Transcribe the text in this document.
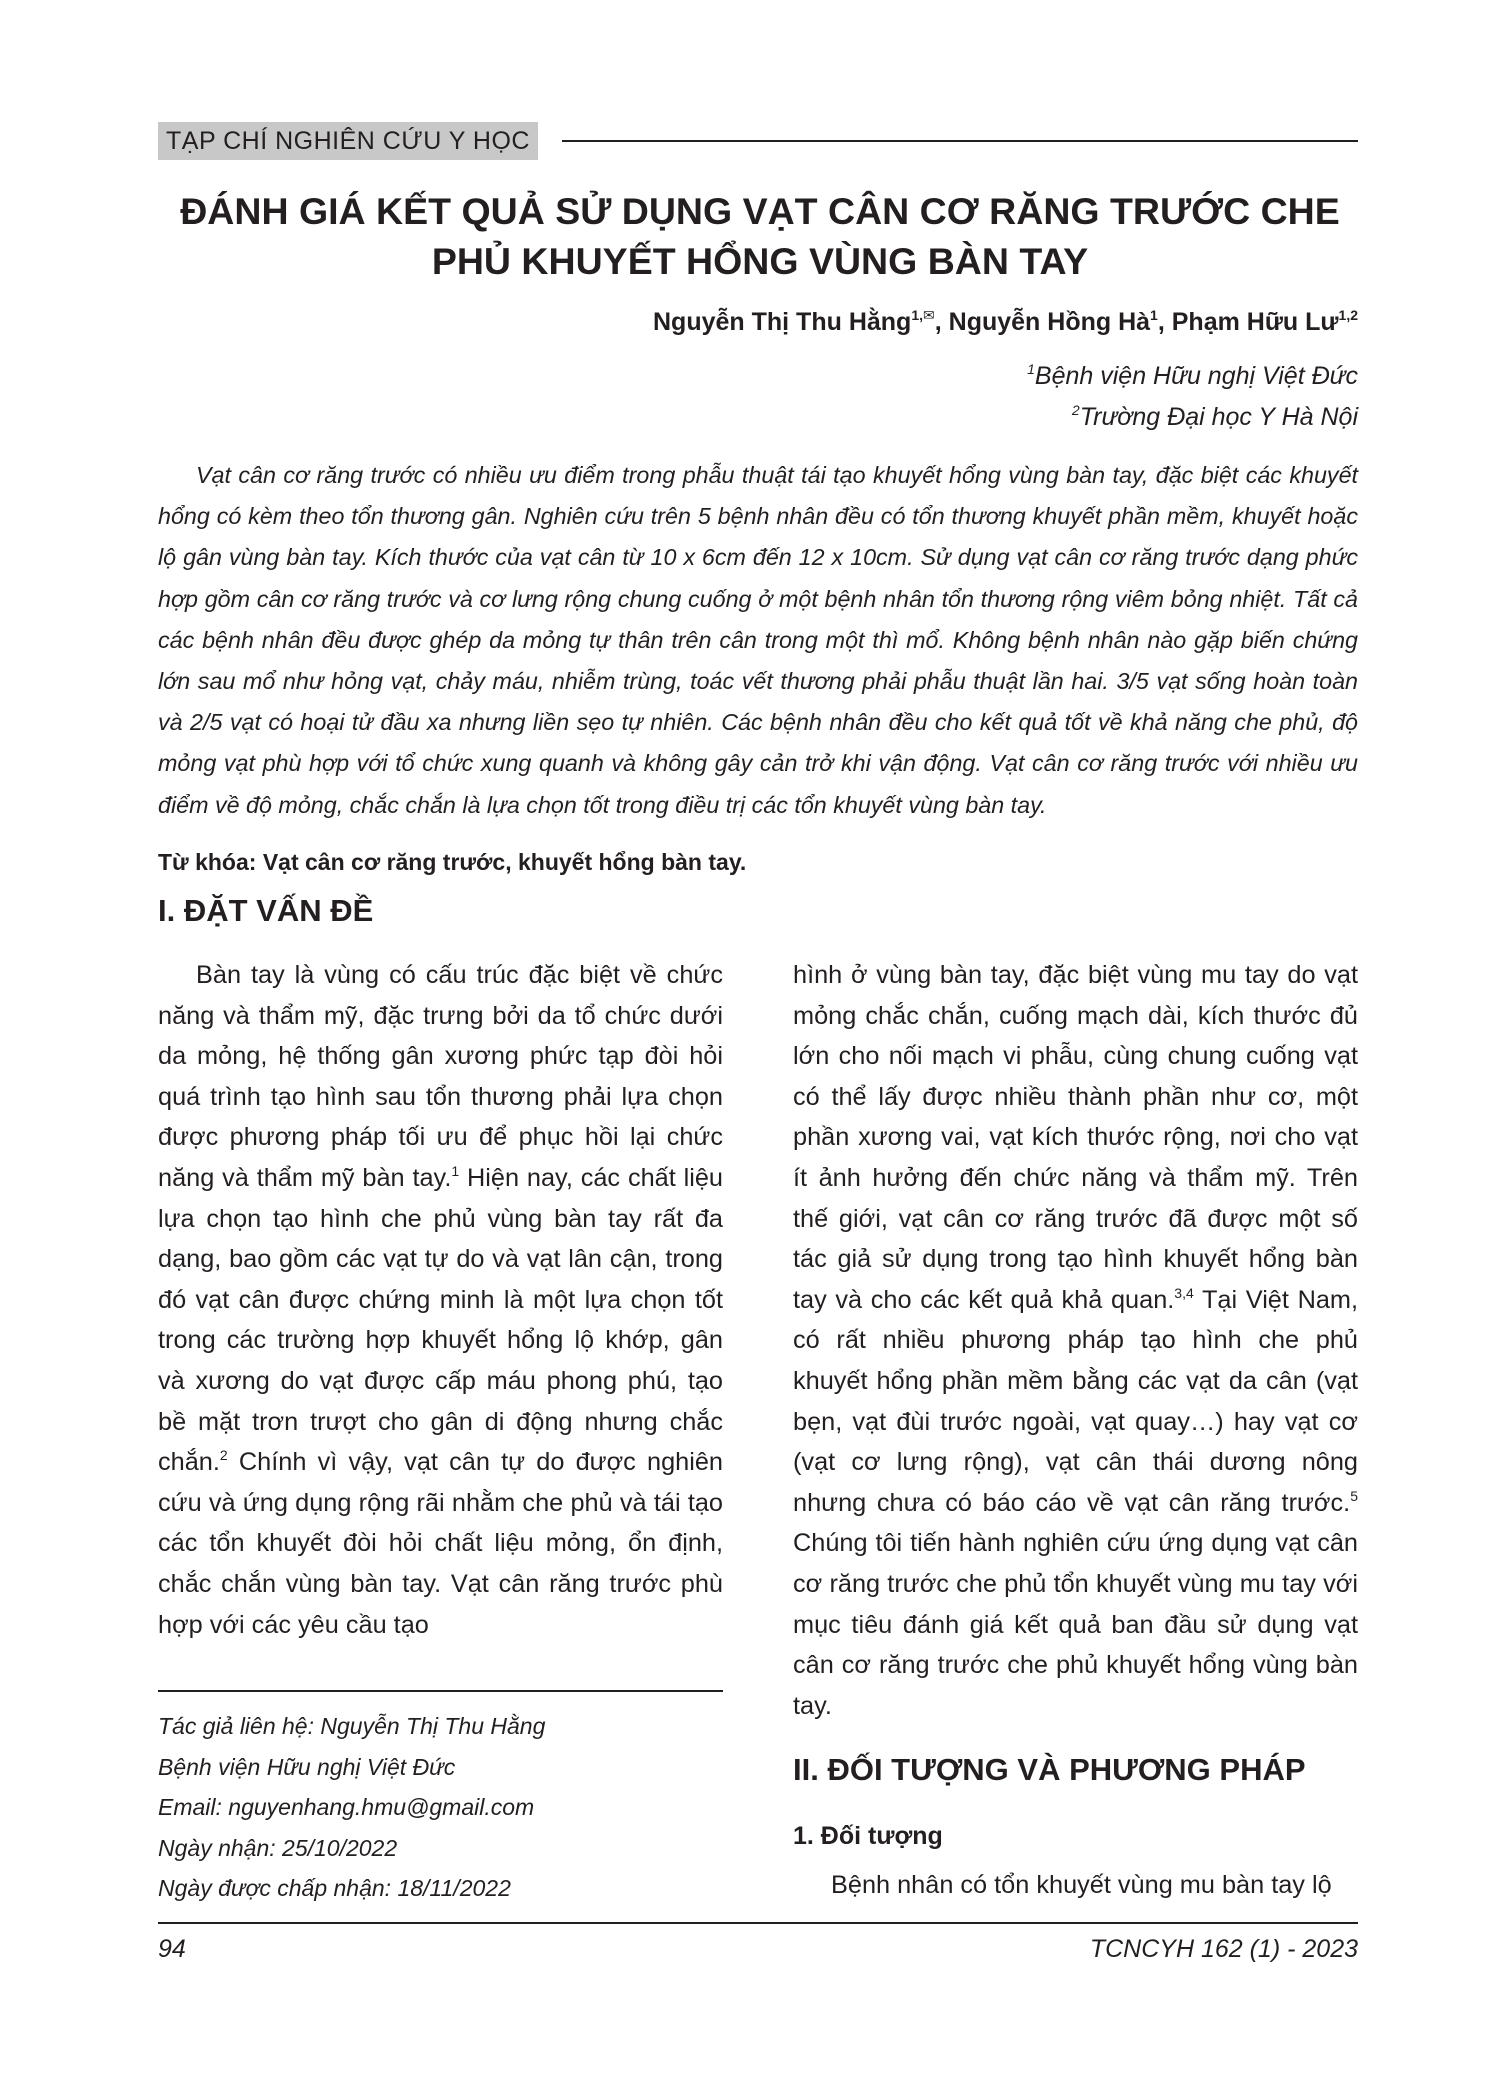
TẠP CHÍ NGHIÊN CỨU Y HỌC
ĐÁNH GIÁ KẾT QUẢ SỬ DỤNG VẠT CÂN CƠ RĂNG TRƯỚC CHE
PHỦ KHUYẾT HỔNG VÙNG BÀN TAY
Nguyễn Thị Thu Hằng$^{1,✉}$, Nguyễn Hồng $Hà^1$, Phạm Hữu Lư$^{1,2}$
$^1$Bệnh viện Hữu nghị Việt Đức
$^2$Trường Đại học Y Hà Nội

Vạt cân cơ răng trước có nhiều ưu điểm trong phẫu thuật tái tạo khuyết hổng vùng bàn tay, đặc biệt các khuyết hổng có kèm theo tổn thương gân. Nghiên cứu trên 5 bệnh nhân đều có tổn thương khuyết phần mềm, khuyết hoặc lộ gân vùng bàn tay. Kích thước của vạt cân từ 10 x 6cm đến 12 x 10cm. Sử dụng vạt cân cơ răng trước dạng phức hợp gồm cân cơ răng trước và cơ lưng rộng chung cuống ở một bệnh nhân tổn thương rộng viêm bỏng nhiệt. Tất cả các bệnh nhân đều được ghép da mỏng tự thân trên cân trong một thì mổ. Không bệnh nhân nào gặp biến chứng lớn sau mổ như hỏng vạt, chảy máu, nhiễm trùng, toác vết thương phải phẫu thuật lần hai. 3/5 vạt sống hoàn toàn và 2/5 vạt có hoại tử đầu xa nhưng liền sẹo tự nhiên. Các bệnh nhân đều cho kết quả tốt về khả năng che phủ, độ mỏng vạt phù hợp với tổ chức xung quanh và không gây cản trở khi vận động. Vạt cân cơ răng trước với nhiều ưu điểm về độ mỏng, chắc chắn là lựa chọn tốt trong điều trị các tổn khuyết vùng bàn tay.

Từ khóa: Vạt cân cơ răng trước, khuyết hổng bàn tay.
I. ĐẶT VẤN ĐỀ

Bàn tay là vùng có cấu trúc đặc biệt về chức năng và thẩm mỹ, đặc trưng bởi da tổ chức dưới da mỏng, hệ thống gân xương phức tạp đòi hỏi quá trình tạo hình sau tổn thương phải lựa chọn được phương pháp tối ưu để phục hồi lại chức năng và thẩm mỹ bàn tay.$^1$ Hiện nay, các chất liệu lựa chọn tạo hình che phủ vùng bàn tay rất đa dạng, bao gồm các vạt tự do và vạt lân cận, trong đó vạt cân được chứng minh là một lựa chọn tốt trong các trường hợp khuyết hổng lộ khớp, gân và xương do vạt được cấp máu phong phú, tạo bề mặt trơn trượt cho gân di động nhưng chắc chắn.$^2$ Chính vì vậy, vạt cân tự do được nghiên cứu và ứng dụng rộng rãi nhằm che phủ và tái tạo các tổn khuyết đòi hỏi chất liệu mỏng, ổn định, chắc chắn vùng bàn tay. Vạt cân răng trước phù hợp với các yêu cầu tạo

hình ở vùng bàn tay, đặc biệt vùng mu tay do vạt mỏng chắc chắn, cuống mạch dài, kích thước đủ lớn cho nối mạch vi phẫu, cùng chung cuống vạt có thể lấy được nhiều thành phần như cơ, một phần xương vai, vạt kích thước rộng, nơi cho vạt ít ảnh hưởng đến chức năng và thẩm mỹ. Trên thế giới, vạt cân cơ răng trước đã được một số tác giả sử dụng trong tạo hình khuyết hổng bàn tay và cho các kết quả khả quan.$^{3,4}$ Tại Việt Nam, có rất nhiều phương pháp tạo hình che phủ khuyết hổng phần mềm bằng các vạt da cân (vạt bẹn, vạt đùi trước ngoài, vạt quay…) hay vạt cơ (vạt cơ lưng rộng), vạt cân thái dương nông nhưng chưa có báo cáo về vạt cân răng trước.$^5$ Chúng tôi tiến hành nghiên cứu ứng dụng vạt cân cơ răng trước che phủ tổn khuyết vùng mu tay với mục tiêu đánh giá kết quả ban đầu sử dụng vạt cân cơ răng trước che phủ khuyết hổng vùng bàn tay.

II. ĐỐI TƯỢNG VÀ PHƯƠNG PHÁP
1. Đối tượng

Bệnh nhân có tổn khuyết vùng mu bàn tay lộ

Tác giả liên hệ: Nguyễn Thị Thu Hằng
Bệnh viện Hữu nghị Việt Đức
Email: nguyenhang.hmu@gmail.com
Ngày nhận: 25/10/2022
Ngày được chấp nhận: 18/11/2022
94	TCNCYH 162 (1) - 2023
